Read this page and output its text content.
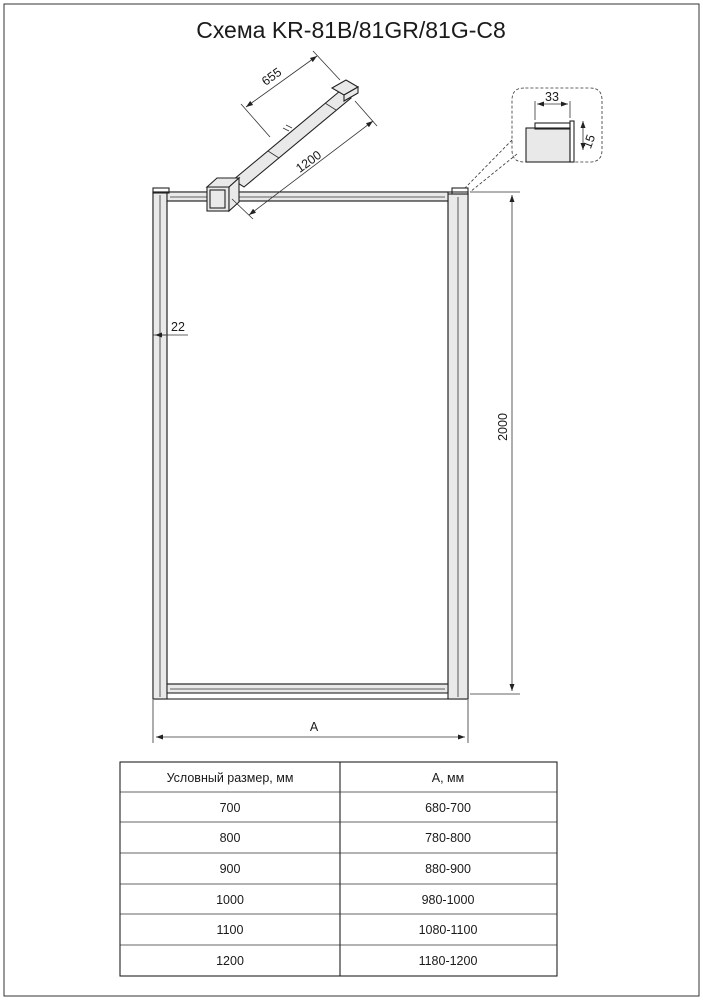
Схема KR-81B/81GR/81G-C8
655
1200
33
15
22
2000
A
Условный размер, мм	А, мм
700	680-700
800	780-800
900	880-900
1000	980-1000
1100	1080-1100
1200	1180-1200
